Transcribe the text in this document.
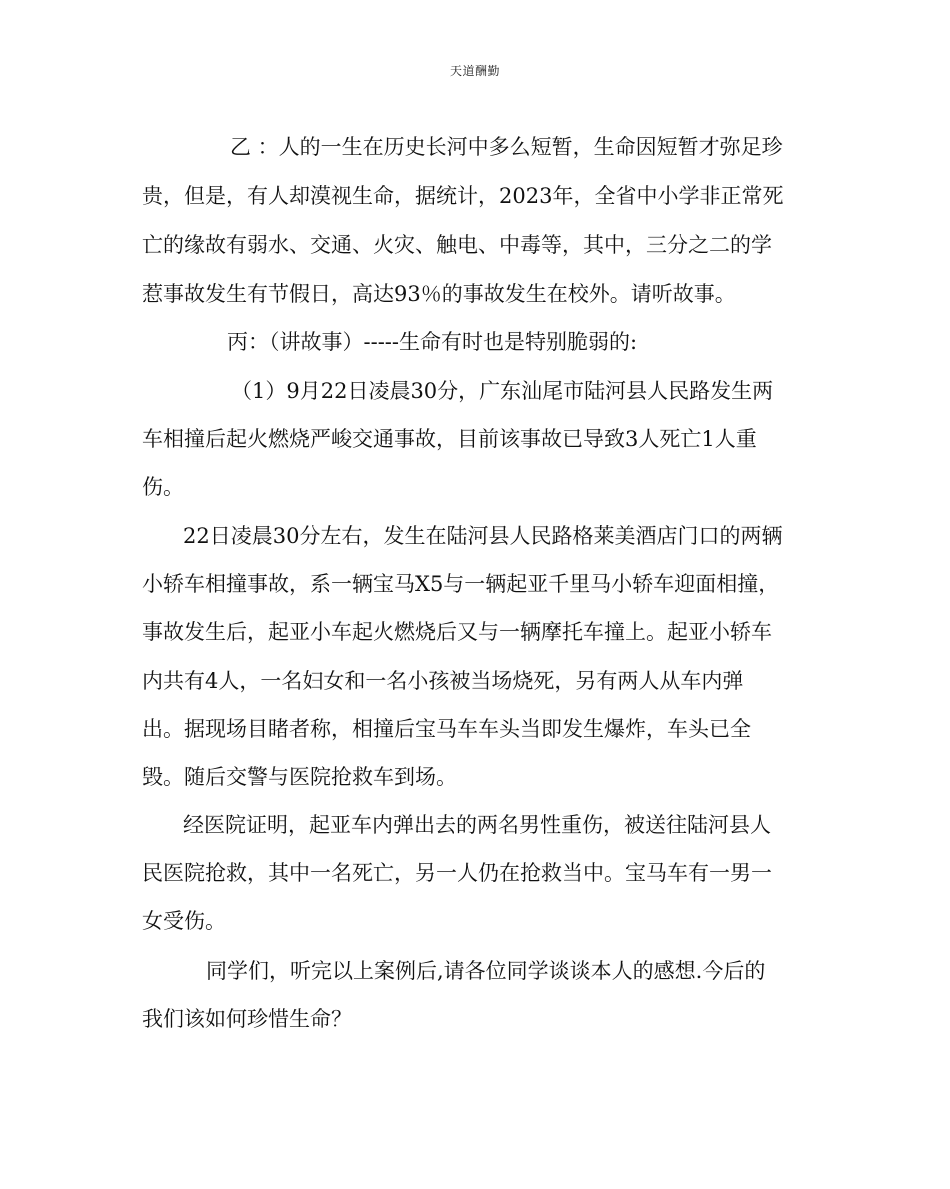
天道酬勤
乙 ：人的一生在历史长河中多么短暂，生命因短暂才弥足珍
贵，但是，有人却漠视生命，据统计，2023年，全省中小学非正常死
亡的缘故有弱水、交通、火灾、触电、中毒等，其中，三分之二的学
惹事故发生有节假日，高达93％的事故发生在校外。请听故事。
丙：（讲故事）-----生命有时也是特别脆弱的:
（1）9月22日凌晨30分，广东汕尾市陆河县人民路发生两
车相撞后起火燃烧严峻交通事故，目前该事故已导致3人死亡1人重
伤。
22日凌晨30分左右，发生在陆河县人民路格莱美酒店门口的两辆
小轿车相撞事故，系一辆宝马X5与一辆起亚千里马小轿车迎面相撞，
事故发生后，起亚小车起火燃烧后又与一辆摩托车撞上。起亚小轿车
内共有4人，一名妇女和一名小孩被当场烧死，另有两人从车内弹
出。据现场目睹者称，相撞后宝马车车头当即发生爆炸，车头已全
毁。随后交警与医院抢救车到场。
经医院证明，起亚车内弹出去的两名男性重伤，被送往陆河县人
民医院抢救，其中一名死亡，另一人仍在抢救当中。宝马车有一男一
女受伤。
同学们，听完以上案例后,请各位同学谈谈本人的感想.今后的
我们该如何珍惜生命？
